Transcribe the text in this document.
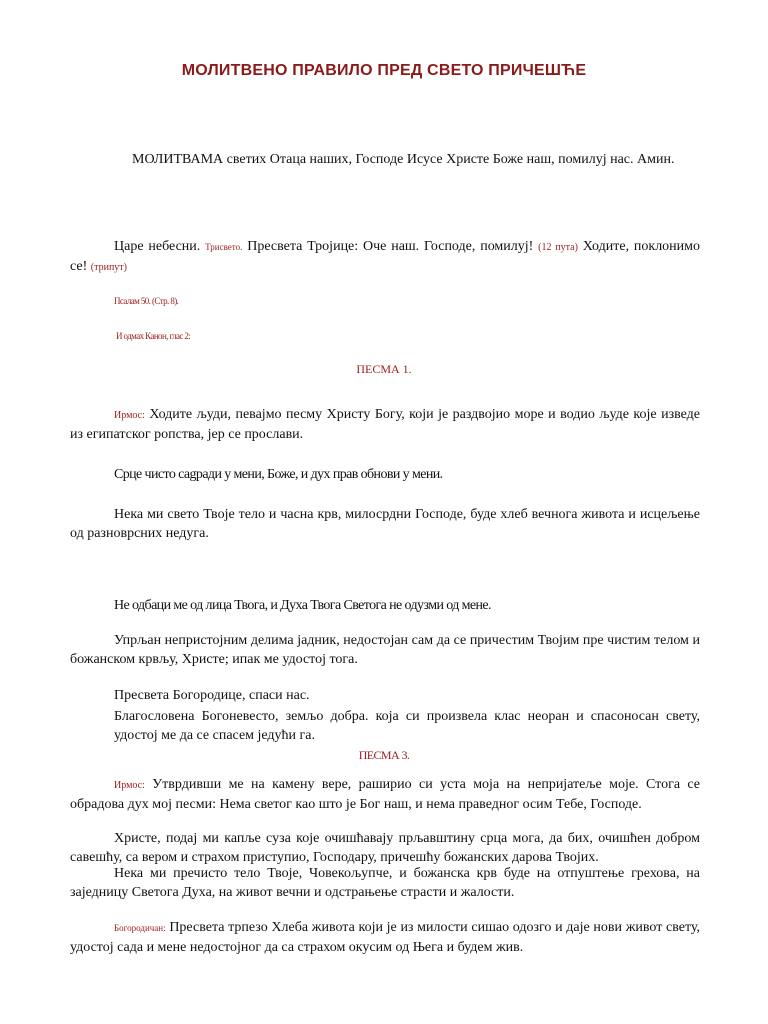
МОЛИТВЕНО ПРАВИЛО ПРЕД СВЕТО ПРИЧЕШЋЕ
МОЛИТВАМА светих Отаца наших, Господе Исусе Христе Боже наш, помилуј нас. Амин.
Царе небесни. Трисвето. Пресвета Тројице: Оче наш. Господе, помилуј! (12 пута) Ходите, поклонимо се! (трипут)
Псалам 50. (Стр. 8).
И одмах Канон, глас 2:
ПЕСМА 1.
Ирмос: Ходите људи, певајмо песму Христу Богу, који је раздвојио море и водио људе које изведе из египатског ропства, јер се прослави.
Срце чисто саgради у мени, Боже, и дух прав обнови у мени.
Нека ми свето Твоје тело и часна крв, милосрдни Господе, буде хлеб вечнога живота и исцељење од разноврсних недуга.
Не одбаци ме од лица Твога, и Духа Твога Светога не одузми од мене.
Упрљан непристојним делима јадник, недостојан сам да се причестим Твојим пре чистим телом и божанском крвљу, Христе; ипак ме удостој тога.
Пресвета Богородице, спаси нас.
Благословена Богоневесто, земљо добра. која си произвела клас неоран и спасоносан свету, удостој ме да се спасем једући га.
ПЕСМА 3.
Ирмос: Утврдивши ме на камену вере, раширио си уста моја на непријатеље моје. Стога се обрадова дух мој песми: Нема светог као што је Бог наш, и нема праведног осим Тебе, Господе.
Христе, подај ми капље суза које очишћавају прљавштину срца мога, да бих, очишћен добром савешћу, са вером и страхом приступио, Господару, причешћу божанских дарова Твојих.
Нека ми пречисто тело Твоје, Човекољупче, и божанска крв буде на отпуштење грехова, на заједницу Светога Духа, на живот вечни и одстрањење страсти и жалости.
Богородичан: Пресвета трпезо Хлеба живота који је из милости сишао одозго и даје нови живот свету, удостој сада и мене недостојног да са страхом окусим од Њега и будем жив.
